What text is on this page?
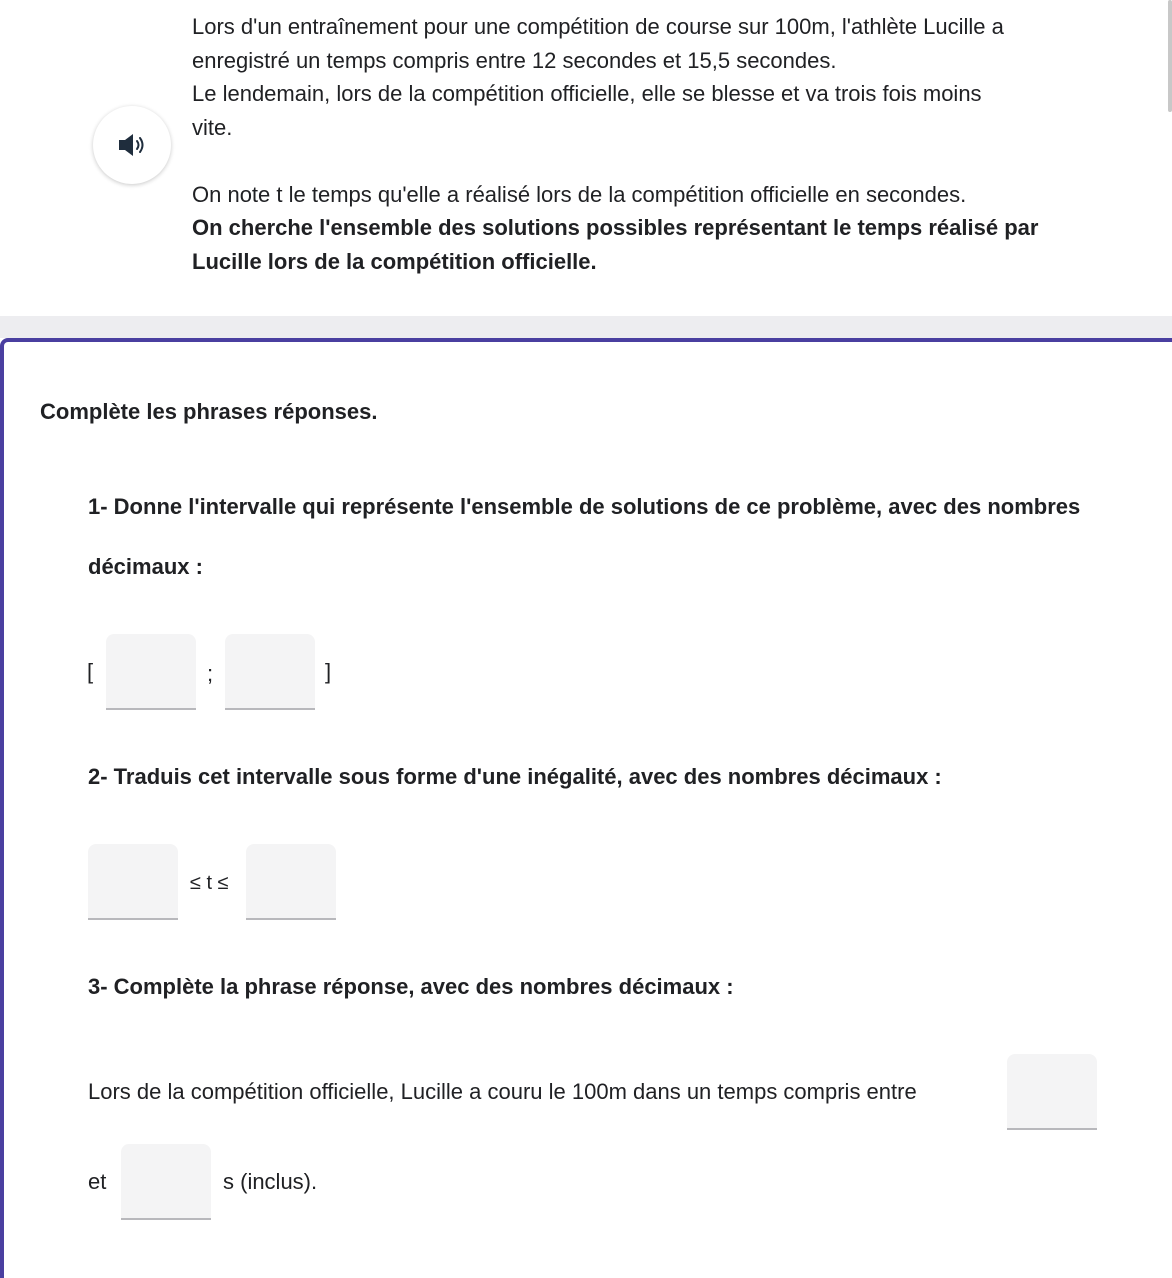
Lors d'un entraînement pour une compétition de course sur 100m, l'athlète Lucille a

enregistré un temps compris entre 12 secondes et 15,5 secondes.

Le lendemain, lors de la compétition officielle, elle se blesse et va trois fois moins

vite.

On note t le temps qu'elle a réalisé lors de la compétition officielle en secondes.

On cherche l'ensemble des solutions possibles représentant le temps réalisé par

Lucille lors de la compétition officielle.

Complète les phrases réponses.
1- Donne l'intervalle qui représente l'ensemble de solutions de ce problème, avec des nombres
décimaux :
[	;	]
2- Traduis cet intervalle sous forme d'une inégalité, avec des nombres décimaux :
≤ t ≤
3- Complète la phrase réponse, avec des nombres décimaux :
Lors de la compétition officielle, Lucille a couru le 100m dans un temps compris entre
et	s (inclus).
